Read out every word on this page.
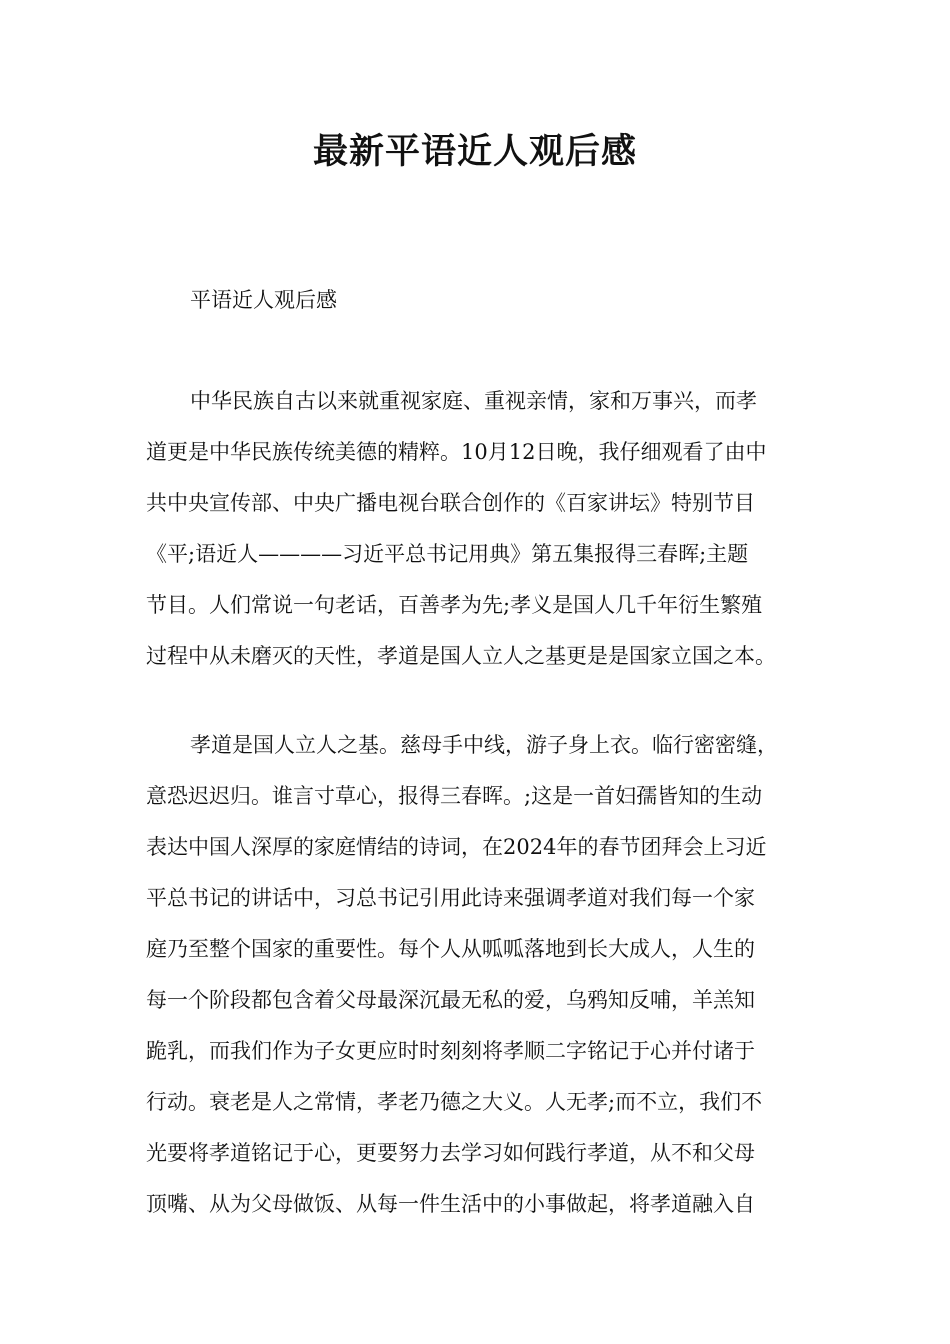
最新平语近人观后感

平语近人观后感

中华民族自古以来就重视家庭、重视亲情，家和万事兴，而孝
道更是中华民族传统美德的精粹。10月12日晚，我仔细观看了由中
共中央宣传部、中央广播电视台联合创作的《百家讲坛》特别节目
《平;语近人————习近平总书记用典》第五集报得三春晖;主题
节目。人们常说一句老话，百善孝为先;孝义是国人几千年衍生繁殖
过程中从未磨灭的天性，孝道是国人立人之基更是是国家立国之本。
孝道是国人立人之基。慈母手中线，游子身上衣。临行密密缝，
意恐迟迟归。谁言寸草心，报得三春晖。;这是一首妇孺皆知的生动
表达中国人深厚的家庭情结的诗词，在2024年的春节团拜会上习近
平总书记的讲话中，习总书记引用此诗来强调孝道对我们每一个家
庭乃至整个国家的重要性。每个人从呱呱落地到长大成人，人生的
每一个阶段都包含着父母最深沉最无私的爱，乌鸦知反哺，羊羔知
跪乳，而我们作为子女更应时时刻刻将孝顺二字铭记于心并付诸于
行动。衰老是人之常情，孝老乃德之大义。人无孝;而不立，我们不
光要将孝道铭记于心，更要努力去学习如何践行孝道，从不和父母
顶嘴、从为父母做饭、从每一件生活中的小事做起，将孝道融入自
